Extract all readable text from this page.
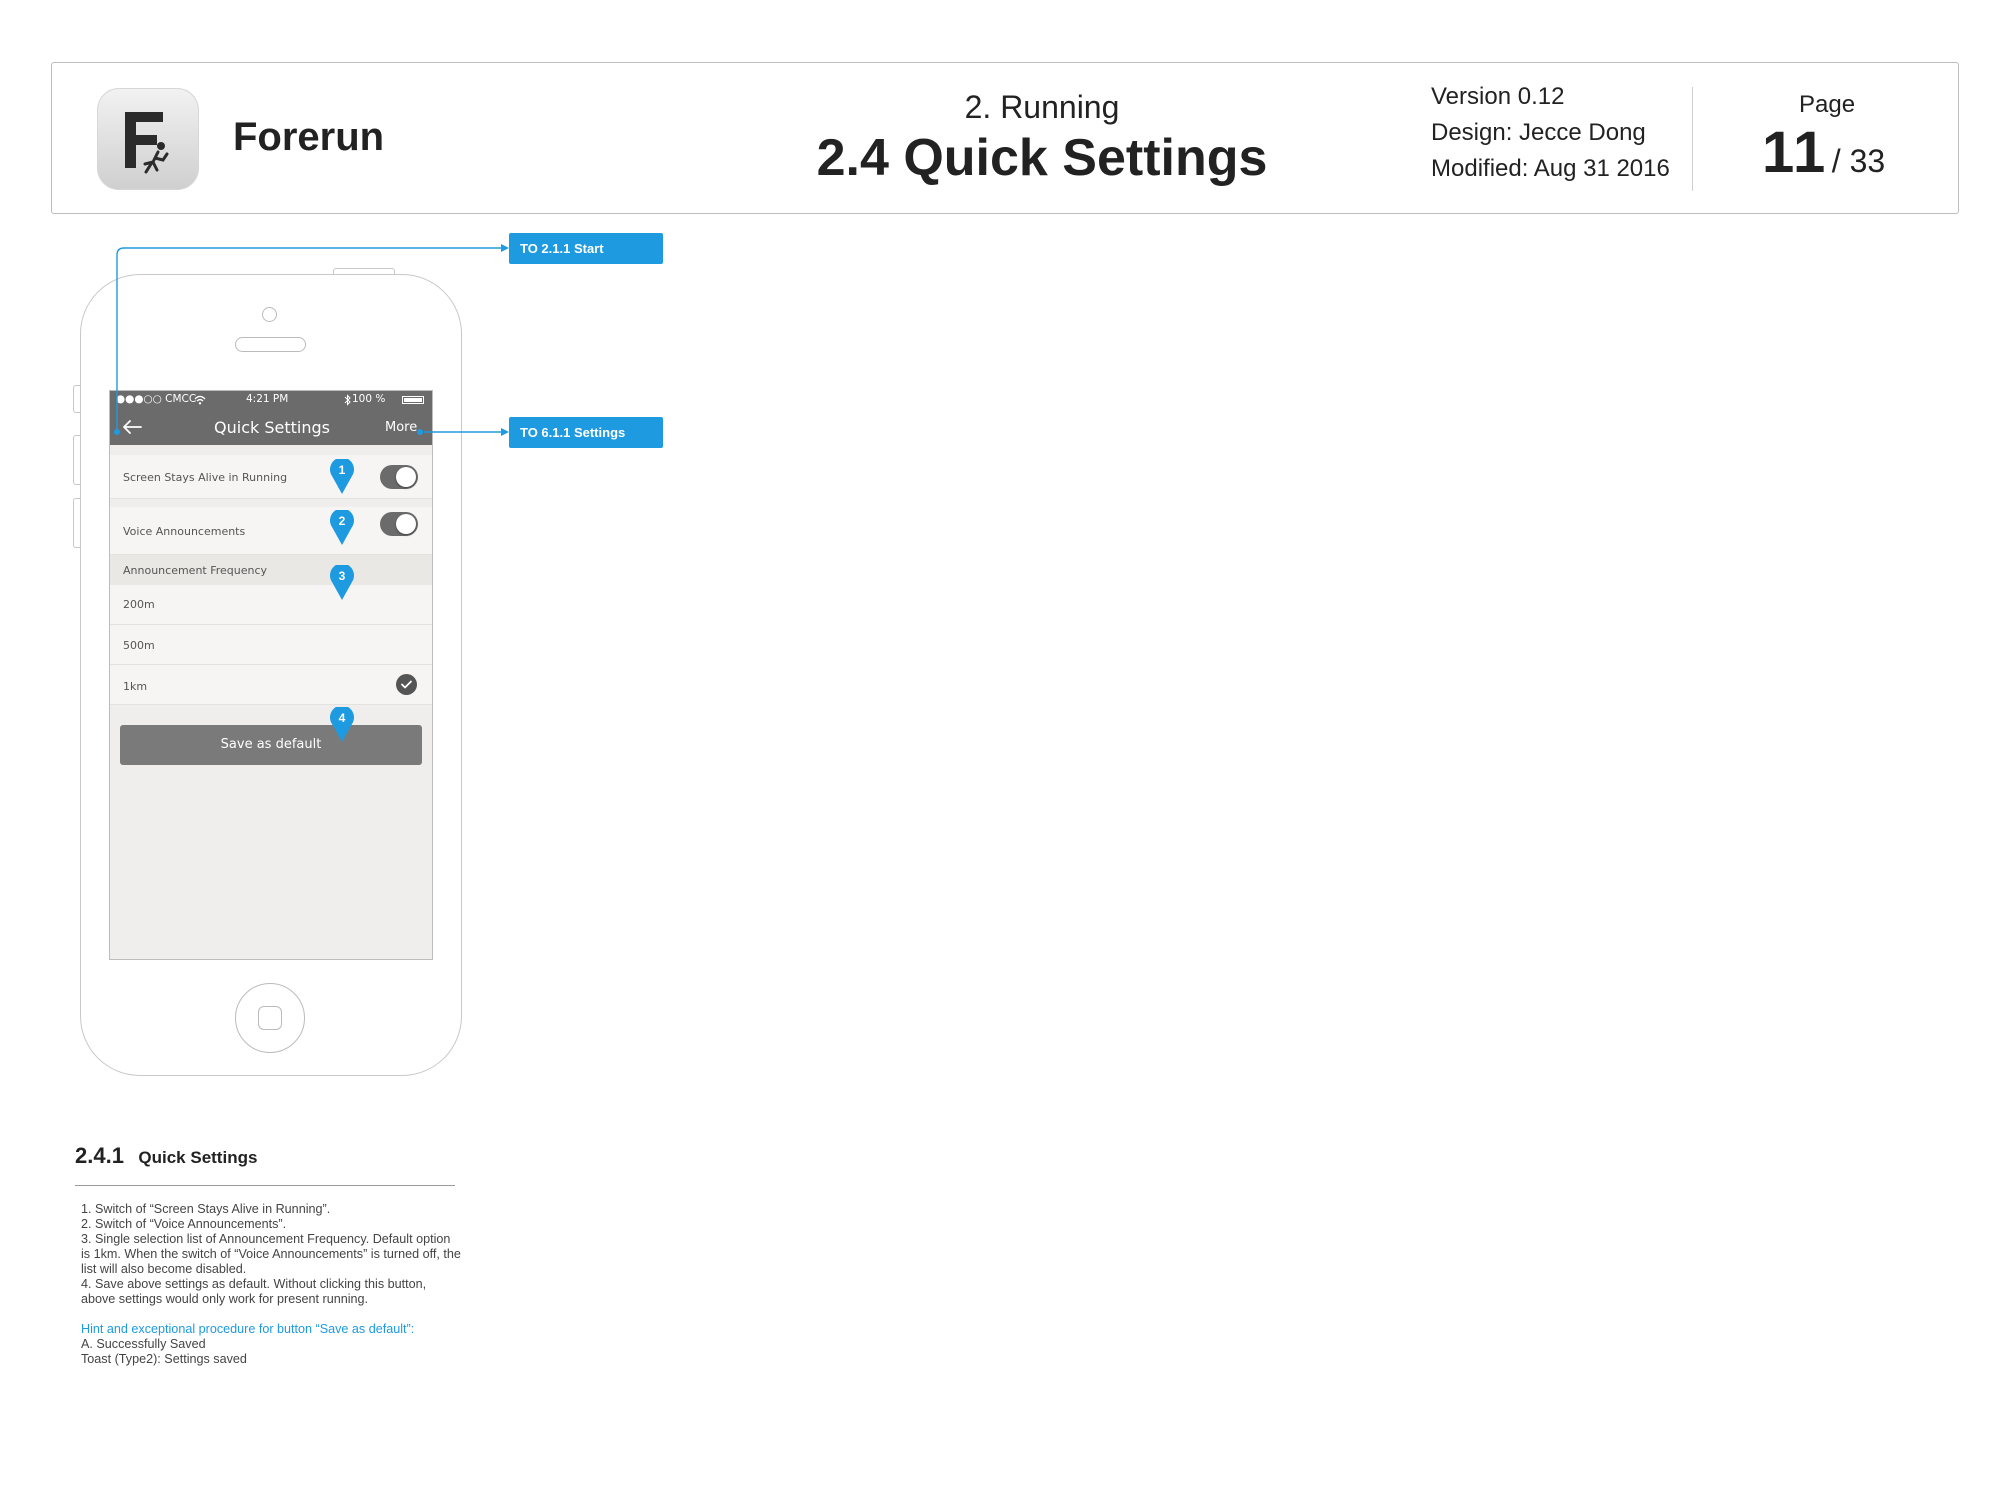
Forerun
2. Running
2.4 Quick Settings
Version 0.12
Design: Jecce Dong
Modified: Aug 31 2016
Page
11 / 33
●●●○○ CMCC	4:21 PM	100 %
Quick Settings	More
Screen Stays Alive in Running
Voice Announcements
Announcement Frequency
200m
500m
1km
Save as default
TO 2.1.1 Start
TO 6.1.1 Settings
1
2
3
4
2.4.1 Quick Settings

1. Switch of “Screen Stays Alive in Running”.

2. Switch of “Voice Announcements”.

3. Single selection list of Announcement Frequency. Default option is 1km. When the switch of “Voice Announcements” is turned off, the list will also become disabled.

4. Save above settings as default. Without clicking this button, above settings would only work for present running.

Hint and exceptional procedure for button “Save as default”:

A. Successfully Saved

Toast (Type2): Settings saved
